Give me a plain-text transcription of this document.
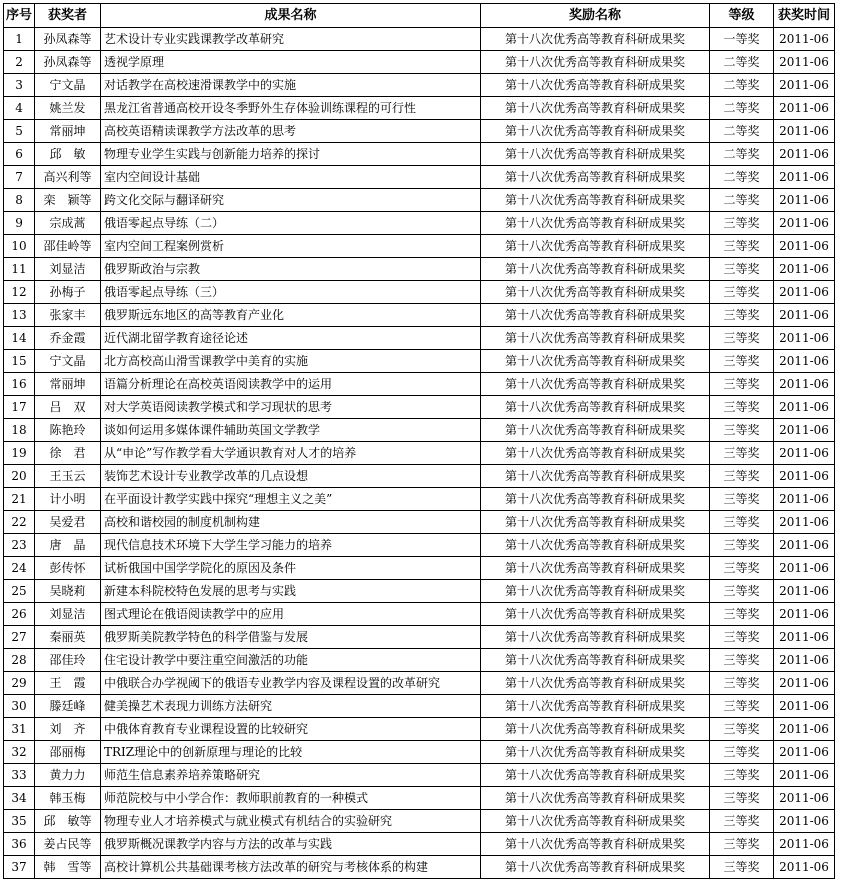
序号	获奖者	成果名称	奖励名称	等级	获奖时间
1	孙凤森等	艺术设计专业实践课教学改革研究	第十八次优秀高等教育科研成果奖	一等奖	2011-06
2	孙凤森等	透视学原理	第十八次优秀高等教育科研成果奖	二等奖	2011-06
3	宁文晶	对话教学在高校速滑课教学中的实施	第十八次优秀高等教育科研成果奖	二等奖	2011-06
4	姚兰发	黑龙江省普通高校开设冬季野外生存体验训练课程的可行性	第十八次优秀高等教育科研成果奖	二等奖	2011-06
5	常丽坤	高校英语精读课教学方法改革的思考	第十八次优秀高等教育科研成果奖	二等奖	2011-06
6	邱　敏	物理专业学生实践与创新能力培养的探讨	第十八次优秀高等教育科研成果奖	二等奖	2011-06
7	高兴利等	室内空间设计基础	第十八次优秀高等教育科研成果奖	二等奖	2011-06
8	栾　颖等	跨文化交际与翻译研究	第十八次优秀高等教育科研成果奖	二等奖	2011-06
9	宗成蒿	俄语零起点导练（二）	第十八次优秀高等教育科研成果奖	三等奖	2011-06
10	邵佳岭等	室内空间工程案例赏析	第十八次优秀高等教育科研成果奖	三等奖	2011-06
11	刘显洁	俄罗斯政治与宗教	第十八次优秀高等教育科研成果奖	三等奖	2011-06
12	孙梅子	俄语零起点导练（三）	第十八次优秀高等教育科研成果奖	三等奖	2011-06
13	张家丰	俄罗斯远东地区的高等教育产业化	第十八次优秀高等教育科研成果奖	三等奖	2011-06
14	乔金霞	近代湖北留学教育途径论述	第十八次优秀高等教育科研成果奖	三等奖	2011-06
15	宁文晶	北方高校高山滑雪课教学中美育的实施	第十八次优秀高等教育科研成果奖	三等奖	2011-06
16	常丽坤	语篇分析理论在高校英语阅读教学中的运用	第十八次优秀高等教育科研成果奖	三等奖	2011-06
17	吕　双	对大学英语阅读教学模式和学习现状的思考	第十八次优秀高等教育科研成果奖	三等奖	2011-06
18	陈艳玲	谈如何运用多媒体课件辅助英国文学教学	第十八次优秀高等教育科研成果奖	三等奖	2011-06
19	徐　君	从“申论”写作教学看大学通识教育对人才的培养	第十八次优秀高等教育科研成果奖	三等奖	2011-06
20	王玉云	装饰艺术设计专业教学改革的几点设想	第十八次优秀高等教育科研成果奖	三等奖	2011-06
21	计小明	在平面设计教学实践中探究“理想主义之美”	第十八次优秀高等教育科研成果奖	三等奖	2011-06
22	吴爱君	高校和谐校园的制度机制构建	第十八次优秀高等教育科研成果奖	三等奖	2011-06
23	唐　晶	现代信息技术环境下大学生学习能力的培养	第十八次优秀高等教育科研成果奖	三等奖	2011-06
24	彭传怀	试析俄国中国学学院化的原因及条件	第十八次优秀高等教育科研成果奖	三等奖	2011-06
25	吴晓莉	新建本科院校特色发展的思考与实践	第十八次优秀高等教育科研成果奖	三等奖	2011-06
26	刘显洁	图式理论在俄语阅读教学中的应用	第十八次优秀高等教育科研成果奖	三等奖	2011-06
27	秦丽英	俄罗斯美院教学特色的科学借鉴与发展	第十八次优秀高等教育科研成果奖	三等奖	2011-06
28	邵佳玲	住宅设计教学中要注重空间激活的功能	第十八次优秀高等教育科研成果奖	三等奖	2011-06
29	王　霞	中俄联合办学视阈下的俄语专业教学内容及课程设置的改革研究	第十八次优秀高等教育科研成果奖	三等奖	2011-06
30	滕廷峰	健美操艺术表现力训练方法研究	第十八次优秀高等教育科研成果奖	三等奖	2011-06
31	刘　齐	中俄体育教育专业课程设置的比较研究	第十八次优秀高等教育科研成果奖	三等奖	2011-06
32	邵丽梅	TRIZ理论中的创新原理与理论的比较	第十八次优秀高等教育科研成果奖	三等奖	2011-06
33	黄力力	师范生信息素养培养策略研究	第十八次优秀高等教育科研成果奖	三等奖	2011-06
34	韩玉梅	师范院校与中小学合作：教师职前教育的一种模式	第十八次优秀高等教育科研成果奖	三等奖	2011-06
35	邱　敏等	物理专业人才培养模式与就业模式有机结合的实验研究	第十八次优秀高等教育科研成果奖	三等奖	2011-06
36	姜占民等	俄罗斯概况课教学内容与方法的改革与实践	第十八次优秀高等教育科研成果奖	三等奖	2011-06
37	韩　雪等	高校计算机公共基础课考核方法改革的研究与考核体系的构建	第十八次优秀高等教育科研成果奖	三等奖	2011-06
